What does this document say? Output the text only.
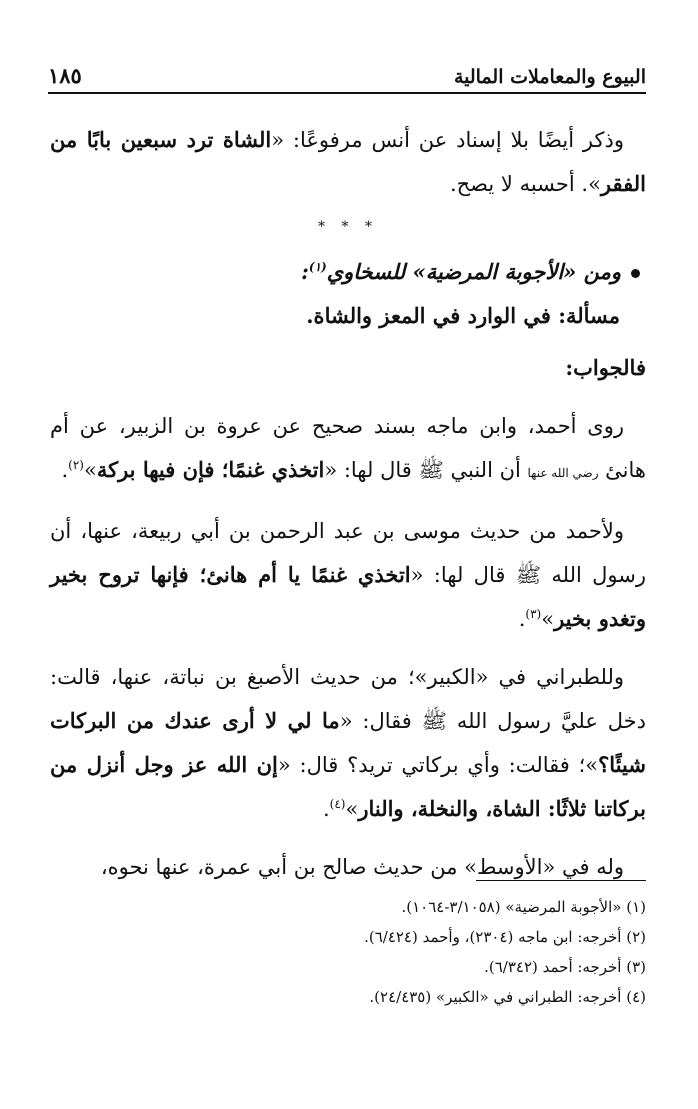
البيوع والمعاملات المالية
١٨٥

وذكر أيضًا بلا إسناد عن أنس مرفوعًا: «الشاة ترد سبعين بابًا من الفقر». أحسبه لا يصح.

* * *
ومن «الأجوبة المرضية» للسخاوي$^{(١)}$:
مسألة: في الوارد في المعز والشاة.
فالجواب:

روى أحمد، وابن ماجه بسند صحيح عن عروة بن الزبير، عن أم هانئ رضي الله عنها أن النبي ﷺ قال لها: «اتخذي غنمًا؛ فإن فيها بركة»$^{(٢)}$.

ولأحمد من حديث موسى بن عبد الرحمن بن أبي ربيعة، عنها، أن رسول الله ﷺ قال لها: «اتخذي غنمًا يا أم هانئ؛ فإنها تروح بخير وتغدو بخير»$^{(٣)}$.

وللطبراني في «الكبير»؛ من حديث الأصبغ بن نباتة، عنها، قالت: دخل عليَّ رسول الله ﷺ فقال: «ما لي لا أرى عندك من البركات شيئًا؟»؛ فقالت: وأي بركاتي تريد؟ قال: «إن الله عز وجل أنزل من بركاتنا ثلاثًا: الشاة، والنخلة، والنار»$^{(٤)}$.

وله في «الأوسط» من حديث صالح بن أبي عمرة، عنها نحوه،

(١) «الأجوبة المرضية» (٣/١٠٥٨-١٠٦٤).
(٢) أخرجه: ابن ماجه (٢٣٠٤)، وأحمد (٦/٤٢٤).
(٣) أخرجه: أحمد (٦/٣٤٢).
(٤) أخرجه: الطبراني في «الكبير» (٢٤/٤٣٥).
